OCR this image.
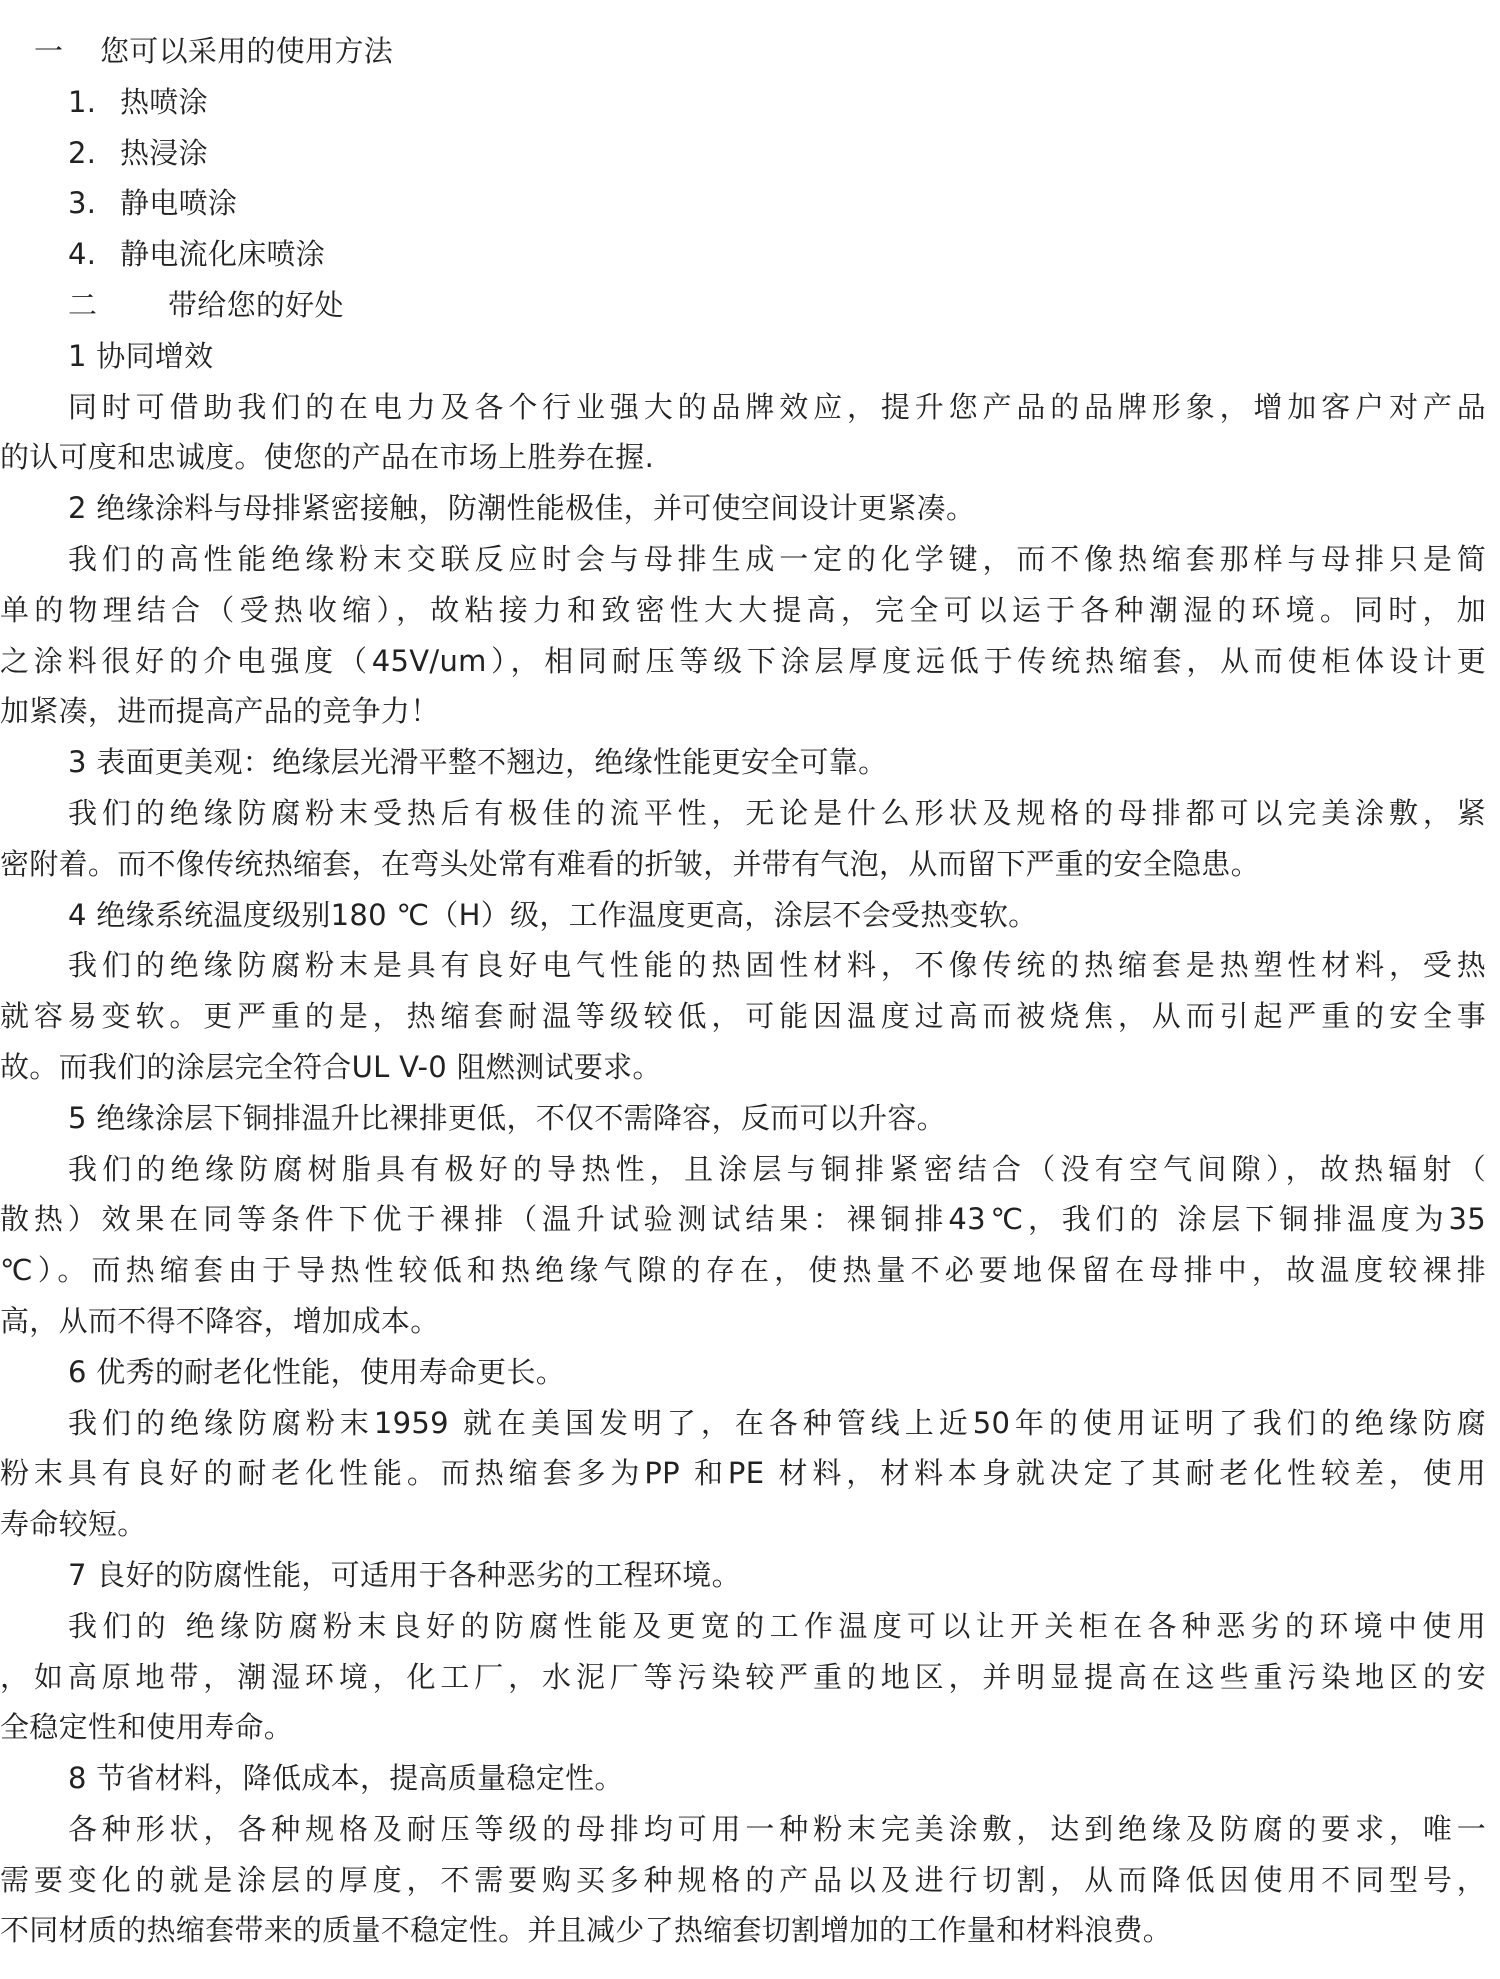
一 您可以采用的使用方法
1. 热喷涂
2. 热浸涂
3. 静电喷涂
4. 静电流化床喷涂
二 带给您的好处
1 协同增效
同时可借助我们的在电力及各个行业强大的品牌效应，提升您产品的品牌形象，增加客户对产品
的认可度和忠诚度。使您的产品在市场上胜券在握.
2 绝缘涂料与母排紧密接触，防潮性能极佳，并可使空间设计更紧凑。
我们的高性能绝缘粉末交联反应时会与母排生成一定的化学键，而不像热缩套那样与母排只是简
单的物理结合（受热收缩），故粘接力和致密性大大提高，完全可以运于各种潮湿的环境。同时，加
之涂料很好的介电强度（45V/um），相同耐压等级下涂层厚度远低于传统热缩套，从而使柜体设计更
加紧凑，进而提高产品的竞争力！
3 表面更美观：绝缘层光滑平整不翘边，绝缘性能更安全可靠。
我们的绝缘防腐粉末受热后有极佳的流平性，无论是什么形状及规格的母排都可以完美涂敷，紧
密附着。而不像传统热缩套，在弯头处常有难看的折皱，并带有气泡，从而留下严重的安全隐患。
4 绝缘系统温度级别180 ℃（H）级，工作温度更高，涂层不会受热变软。
我们的绝缘防腐粉末是具有良好电气性能的热固性材料，不像传统的热缩套是热塑性材料，受热
就容易变软。更严重的是，热缩套耐温等级较低，可能因温度过高而被烧焦，从而引起严重的安全事
故。而我们的涂层完全符合UL V-0 阻燃测试要求。
5 绝缘涂层下铜排温升比裸排更低，不仅不需降容，反而可以升容。
我们的绝缘防腐树脂具有极好的导热性，且涂层与铜排紧密结合（没有空气间隙），故热辐射（
散热）效果在同等条件下优于裸排（温升试验测试结果：裸铜排43℃，我们的 涂层下铜排温度为35
℃）。而热缩套由于导热性较低和热绝缘气隙的存在，使热量不必要地保留在母排中，故温度较裸排
高，从而不得不降容，增加成本。
6 优秀的耐老化性能，使用寿命更长。
我们的绝缘防腐粉末1959 就在美国发明了，在各种管线上近50年的使用证明了我们的绝缘防腐
粉末具有良好的耐老化性能。而热缩套多为PP 和PE 材料，材料本身就决定了其耐老化性较差，使用
寿命较短。
7 良好的防腐性能，可适用于各种恶劣的工程环境。
我们的 绝缘防腐粉末良好的防腐性能及更宽的工作温度可以让开关柜在各种恶劣的环境中使用
，如高原地带，潮湿环境，化工厂，水泥厂等污染较严重的地区，并明显提高在这些重污染地区的安
全稳定性和使用寿命。
8 节省材料，降低成本，提高质量稳定性。
各种形状，各种规格及耐压等级的母排均可用一种粉末完美涂敷，达到绝缘及防腐的要求，唯一
需要变化的就是涂层的厚度，不需要购买多种规格的产品以及进行切割，从而降低因使用不同型号，
不同材质的热缩套带来的质量不稳定性。并且减少了热缩套切割增加的工作量和材料浪费。
